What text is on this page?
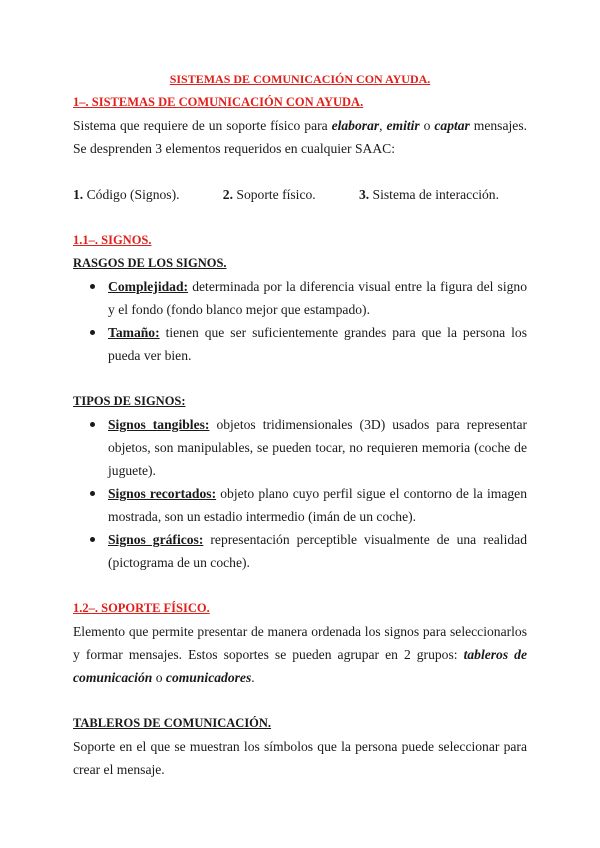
SISTEMAS DE COMUNICACIÓN CON AYUDA.
1–. SISTEMAS DE COMUNICACIÓN CON AYUDA.

Sistema que requiere de un soporte físico para elaborar, emitir o captar mensajes. Se desprenden 3 elementos requeridos en cualquier SAAC:

1. Código (Signos).	2. Soporte físico.	3. Sistema de interacción.
1.1–. SIGNOS.
RASGOS DE LOS SIGNOS.
Complejidad: determinada por la diferencia visual entre la figura del signo y el fondo (fondo blanco mejor que estampado).
Tamaño: tienen que ser suficientemente grandes para que la persona los pueda ver bien.
TIPOS DE SIGNOS:
Signos tangibles: objetos tridimensionales (3D) usados para representar objetos, son manipulables, se pueden tocar, no requieren memoria (coche de juguete).
Signos recortados: objeto plano cuyo perfil sigue el contorno de la imagen mostrada, son un estadio intermedio (imán de un coche).
Signos gráficos: representación perceptible visualmente de una realidad (pictograma de un coche).
1.2–. SOPORTE FÍSICO.

Elemento que permite presentar de manera ordenada los signos para seleccionarlos y formar mensajes. Estos soportes se pueden agrupar en 2 grupos: tableros de comunicación o comunicadores.

TABLEROS DE COMUNICACIÓN.

Soporte en el que se muestran los símbolos que la persona puede seleccionar para crear el mensaje.
